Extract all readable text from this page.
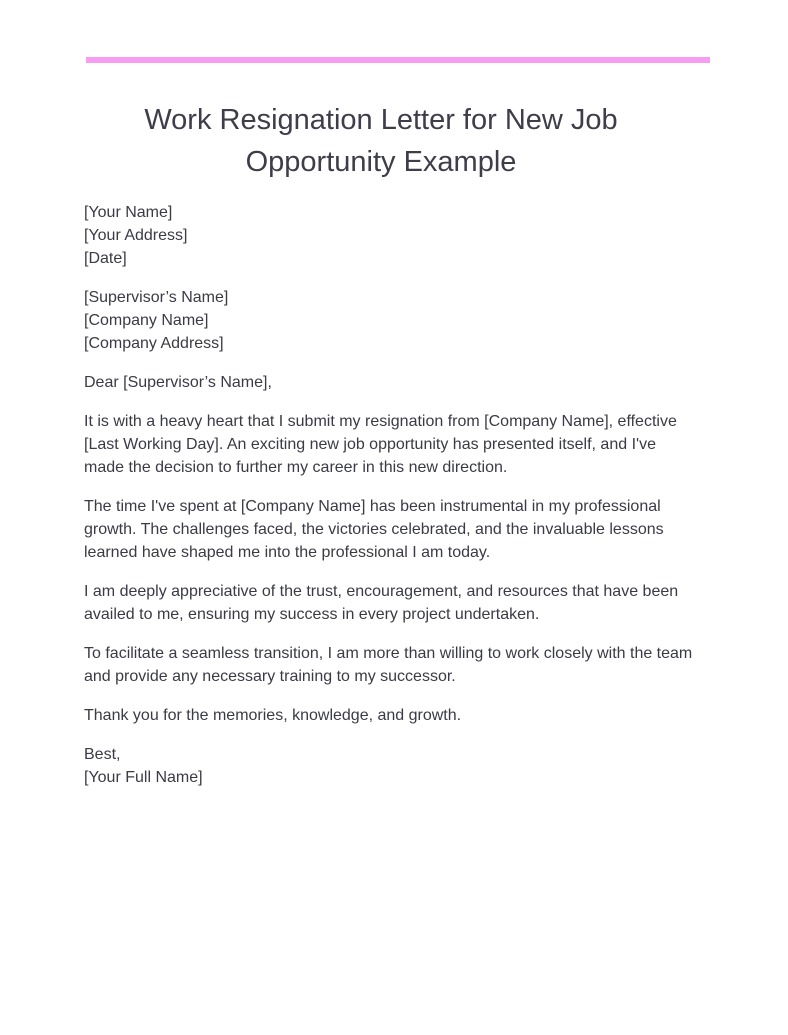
Work Resignation Letter for New Job Opportunity Example
[Your Name]
[Your Address]
[Date]
[Supervisor’s Name]
[Company Name]
[Company Address]

Dear [Supervisor’s Name],

It is with a heavy heart that I submit my resignation from [Company Name], effective [Last Working Day]. An exciting new job opportunity has presented itself, and I've made the decision to further my career in this new direction.

The time I've spent at [Company Name] has been instrumental in my professional growth. The challenges faced, the victories celebrated, and the invaluable lessons learned have shaped me into the professional I am today.

I am deeply appreciative of the trust, encouragement, and resources that have been availed to me, ensuring my success in every project undertaken.

To facilitate a seamless transition, I am more than willing to work closely with the team and provide any necessary training to my successor.

Thank you for the memories, knowledge, and growth.

Best,
[Your Full Name]
